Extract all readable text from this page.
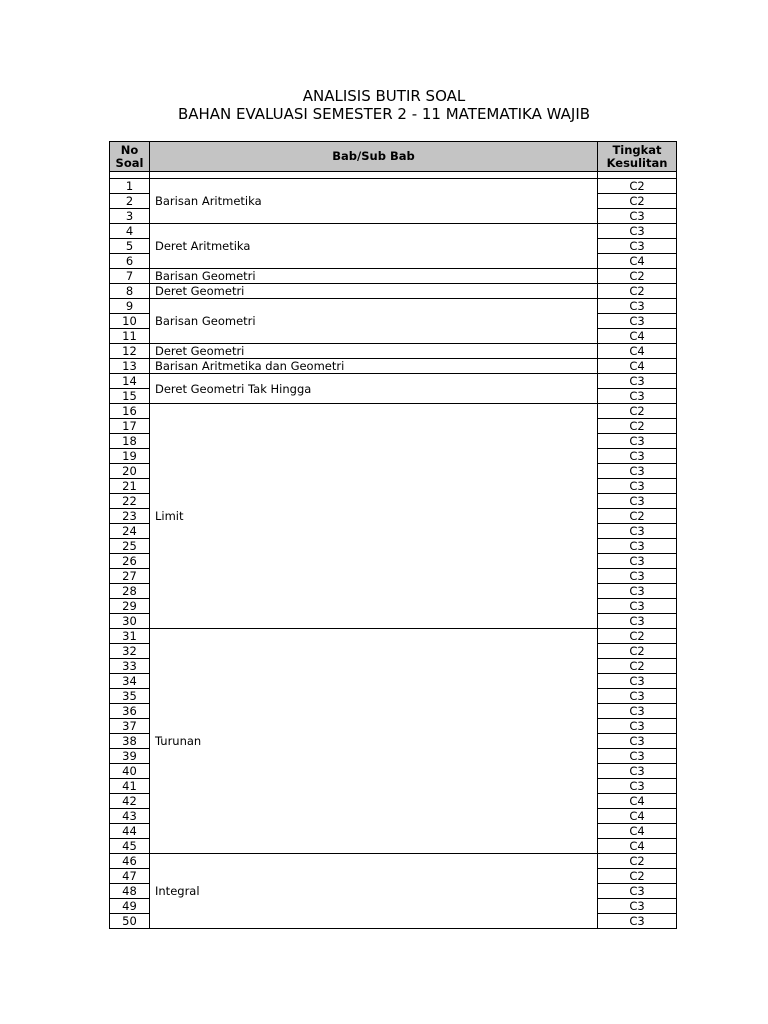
ANALISIS BUTIR SOAL
BAHAN EVALUASI SEMESTER 2 - 11 MATEMATIKA WAJIB
No Soal	Bab/Sub Bab	Tingkat Kesulitan

1	Barisan Aritmetika	C2
2		C2
3		C3
4	Deret Aritmetika	C3
5		C3
6		C4
7	Barisan Geometri	C2
8	Deret Geometri	C2
9	Barisan Geometri	C3
10		C3
11		C4
12	Deret Geometri	C4
13	Barisan Aritmetika dan Geometri	C4
14	Deret Geometri Tak Hingga	C3
15		C3
16	Limit	C2
17		C2
18		C3
19		C3
20		C3
21		C3
22		C3
23		C2
24		C3
25		C3
26		C3
27		C3
28		C3
29		C3
30		C3
31	Turunan	C2
32		C2
33		C2
34		C3
35		C3
36		C3
37		C3
38		C3
39		C3
40		C3
41		C3
42		C4
43		C4
44		C4
45		C4
46	Integral	C2
47		C2
48		C3
49		C3
50		C3
